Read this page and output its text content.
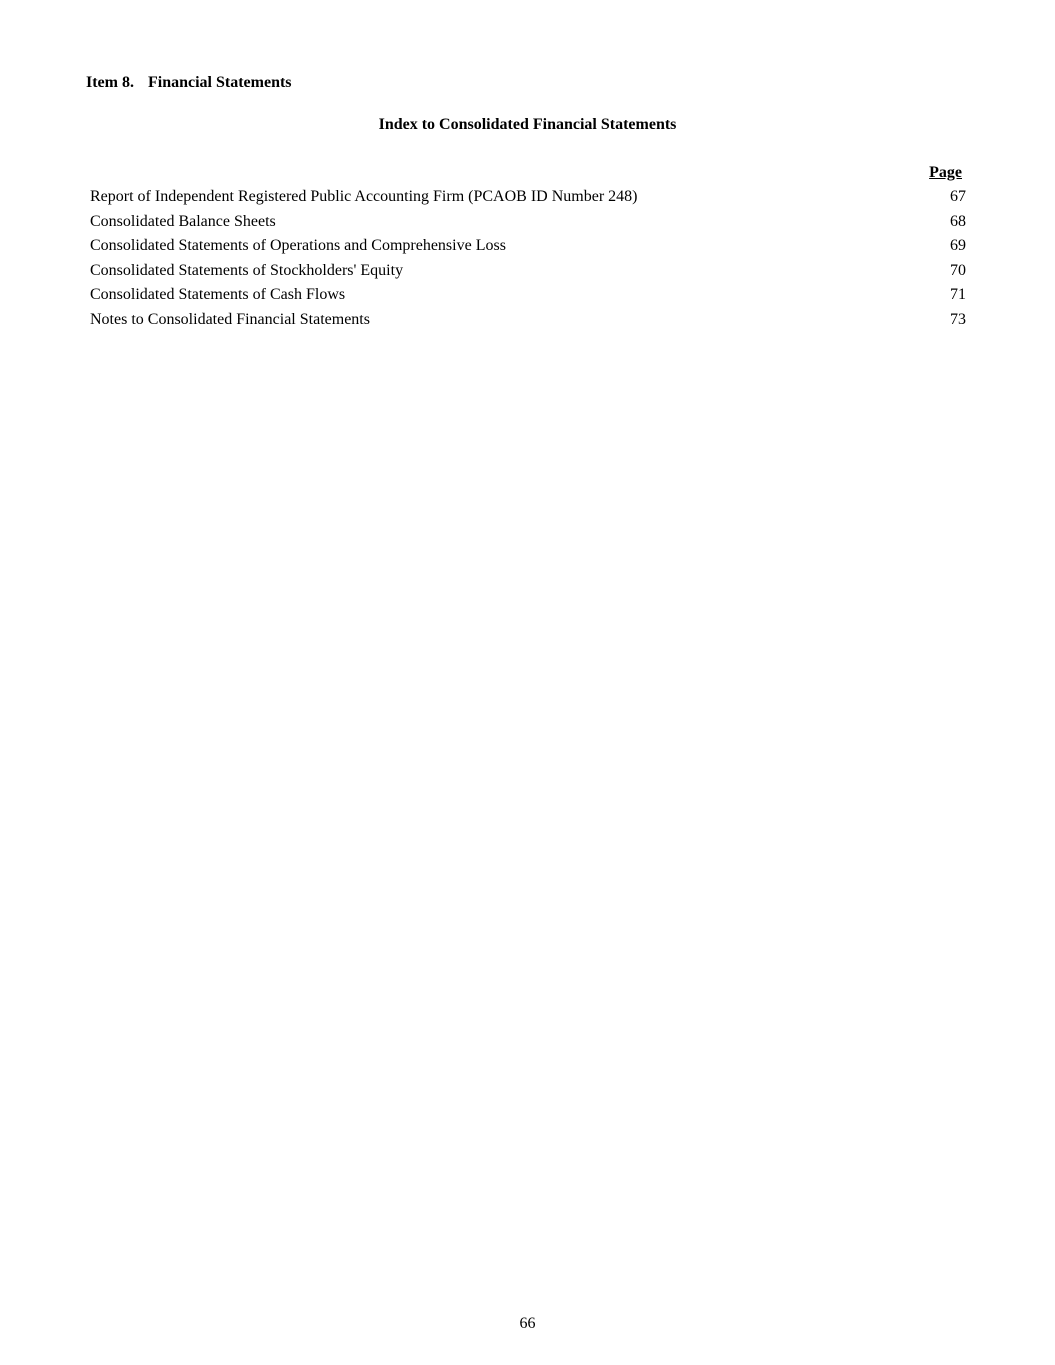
Item 8. Financial Statements
Index to Consolidated Financial Statements
Page
Report of Independent Registered Public Accounting Firm (PCAOB ID Number 248)	67
Consolidated Balance Sheets	68
Consolidated Statements of Operations and Comprehensive Loss	69
Consolidated Statements of Stockholders' Equity	70
Consolidated Statements of Cash Flows	71
Notes to Consolidated Financial Statements	73
66
